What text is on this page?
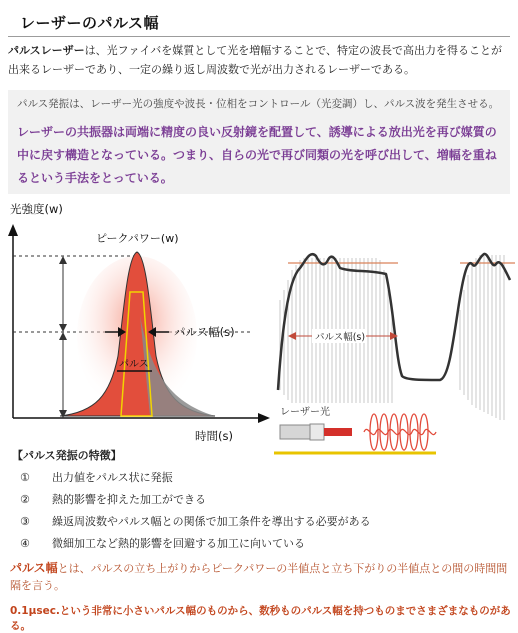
レーザーのパルス幅
パルスレーザーは、光ファイバを媒質として光を増幅することで、特定の波長で高出力を得ることが出来るレーザーであり、一定の繰り返し周波数で光が出力されるレーザーである。
パルス発振は、レーザー光の強度や波長・位相をコントロール（光変調）し、パルス波を発生させる。
レーザーの共振器は両端に精度の良い反射鏡を配置して、誘導による放出光を再び媒質の中に戻す構造となっている。つまり、自らの光で再び同類の光を呼び出して、増幅を重ねるという手法をとっている。
光強度(w)
ピークパワー(w)
パルス幅(s)
パルス
時間(s)
パルス幅(s)
レーザー光
【パルス発振の特徴】
① 出力値をパルス状に発振
② 熱的影響を抑えた加工ができる
③ 繰返周波数やパルス幅との関係で加工条件を導出する必要がある
④ 微細加工など熱的影響を回避する加工に向いている
パルス幅とは、パルスの立ち上がりからピークパワーの半値点と立ち下がりの半値点との間の時間間隔を言う。
0.1μsec.という非常に小さいパルス幅のものから、数秒ものパルス幅を持つものまでさまざまなものがある。
